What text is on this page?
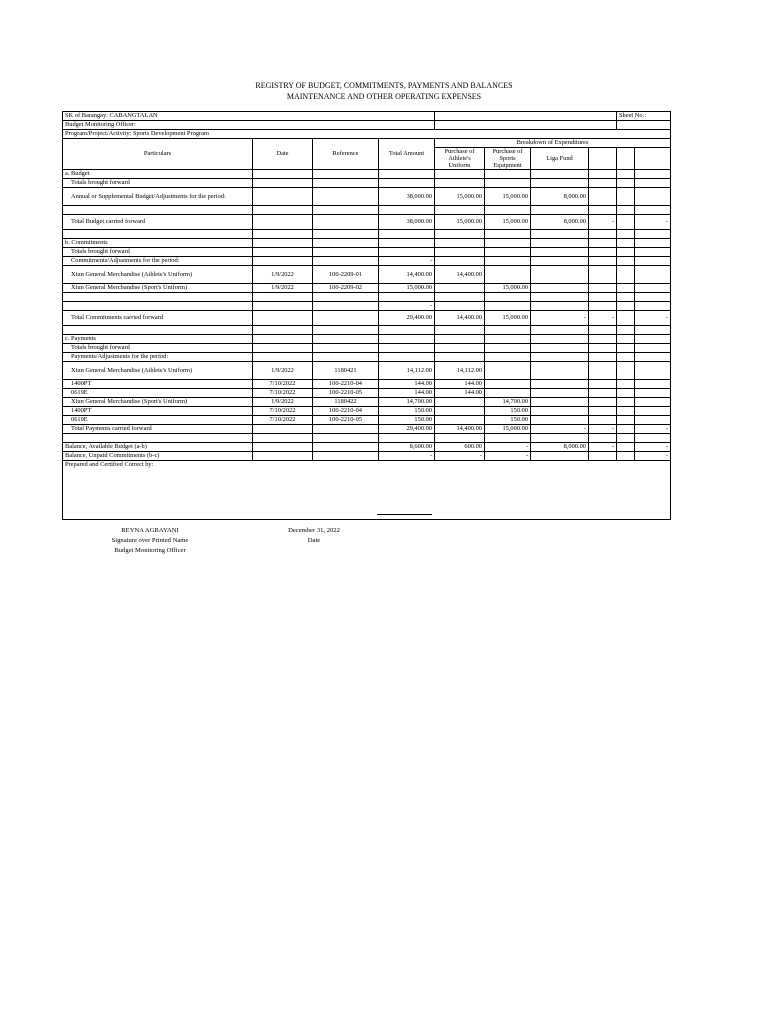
REGISTRY OF BUDGET, COMMITMENTS, PAYMENTS AND BALANCES
MAINTENANCE AND OTHER OPERATING EXPENSES
SK of Barangay: CABANGTALAN								Sheet No.:	
Budget Monitoring Officer:									
Program/Project/Activity: Sports Development Program									
Particulars	Date	Reference	Total Amount	Breakdown of Expenditures					
				Purchase of Athlete's Uniform	Purchase of Sports Equipment	Liga Fund			
a. Budget									
Totals brought forward									
Annual or Supplemental Budget/Adjustments for the period:			38,000.00	15,000.00	15,000.00	8,000.00			

Total Budget carried forward			38,000.00	15,000.00	15,000.00	8,000.00	-		-

b. Commitments									
Totals brought forward									
Commitments/Adjustments for the period:			-						
Xiun General Merchandise (Athlete's Uniform)	1/9/2022	100-2209-01	14,400.00	14,400.00					
Xiun General Merchandise (Sport's Uniform)	1/9/2022	100-2209-02	15,000.00		15,000.00				

			-						
Total Commitments carried forward			29,400.00	14,400.00	15,000.00	-	-		-

c. Payments									
Totals brought forward									
Payments/Adjustments for the period:									
Xiun General Merchandise (Athlete's Uniform)	1/9/2022	1180421	14,112.00	14,112.00					
1400PT	7/10/2022	100-2210-04	144.00	144.00					
0619E	7/10/2022	100-2210-05	144.00	144.00					
Xiun General Merchandise (Sport's Uniform)	1/9/2022	1180422	14,700.00		14,700.00				
1400PT	7/10/2022	100-2210-04	150.00		150.00				
0619E	7/10/2022	100-2210-05	150.00		150.00				
Total Payments carried forward			29,400.00	14,400.00	15,000.00	-	-		-

Balance, Available Budget (a-b)			8,600.00	600.00	-	8,000.00	-		-
Balance, Unpaid Commitments (b-c)			-	-	-				-
Prepared and Certified Correct by:									
REYNA AGBAYANI
Signature over Printed Name
Budget Monitoring Officer
December 31, 2022
Date
